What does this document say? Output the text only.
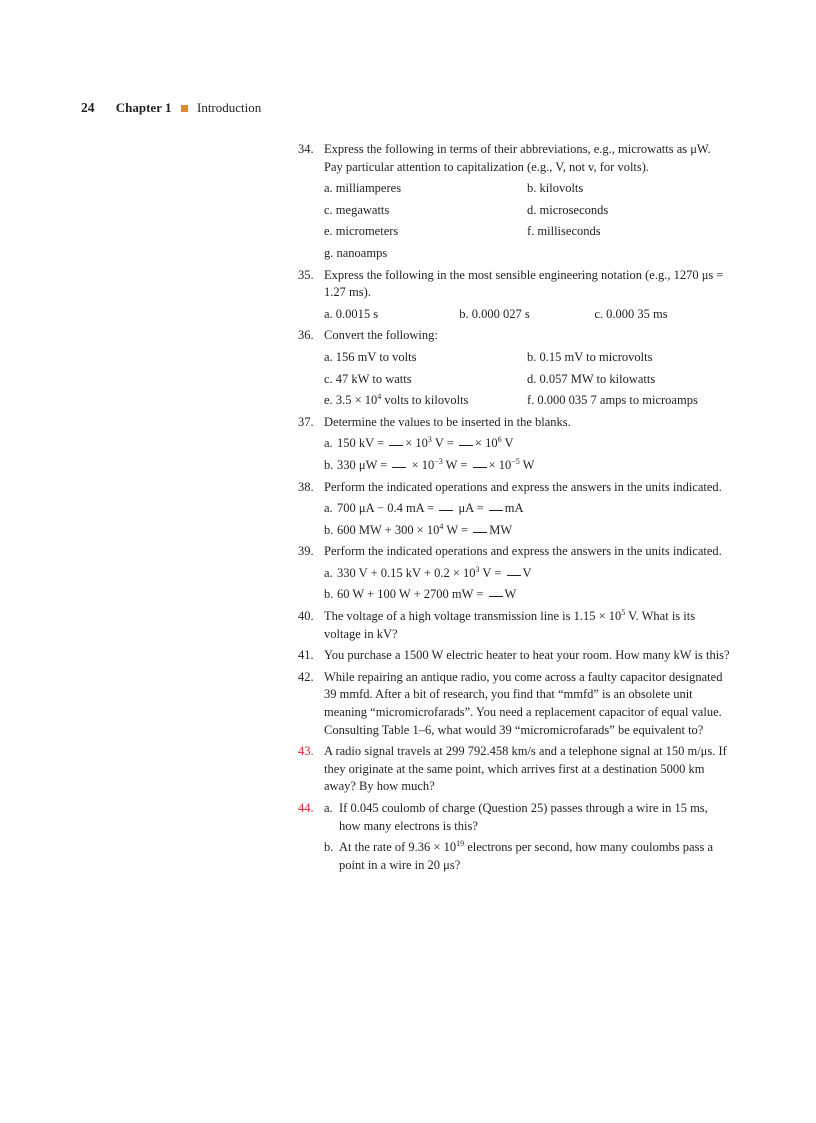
24 Chapter 1 Introduction
34. Express the following in terms of their abbreviations, e.g., microwatts as μW. Pay particular attention to capitalization (e.g., V, not v, for volts).
a. milliamperes	b. kilovolts
c. megawatts	d. microseconds
e. micrometers	f. milliseconds
g. nanoamps
35. Express the following in the most sensible engineering notation (e.g., 1270 μs = 1.27 ms).
a. 0.0015 s	b. 0.000 027 s	c. 0.000 35 ms
36. Convert the following:
a. 156 mV to volts	b. 0.15 mV to microvolts
c. 47 kW to watts	d. 0.057 MW to kilowatts
e. $3.5 \times 10^4$ volts to kilovolts	f. 0.000 035 7 amps to microamps
37. Determine the values to be inserted in the blanks.
a. 150 kV = × $10^3$ V = × $10^6$ V
b. 330 μW = × $10^{-3}$ W = × $10^{-5}$ W
38. Perform the indicated operations and express the answers in the units indicated.
a. 700 μA − 0.4 mA = μA = mA
b. 600 MW + $300 \times 10^4$ W = MW
39. Perform the indicated operations and express the answers in the units indicated.
a. 330 V + 0.15 kV + $0.2 \times 10^3$ V = V
b. 60 W + 100 W + 2700 mW = W
40. The voltage of a high voltage transmission line is $1.15 \times 10^5$ V. What is its voltage in kV?
41. You purchase a 1500 W electric heater to heat your room. How many kW is this?
42. While repairing an antique radio, you come across a faulty capacitor designated 39 mmfd. After a bit of research, you find that “mmfd” is an obsolete unit meaning “micromicrofarads”. You need a replacement capacitor of equal value. Consulting Table 1–6, what would 39 “micromicrofarads” be equivalent to?
43. A radio signal travels at 299 792.458 km/s and a telephone signal at 150 m/μs. If they originate at the same point, which arrives first at a destination 5000 km away? By how much?
44. a. If 0.045 coulomb of charge (Question 25) passes through a wire in 15 ms, how many electrons is this?
b. At the rate of $9.36 \times 10^{19}$ electrons per second, how many coulombs pass a point in a wire in 20 μs?
